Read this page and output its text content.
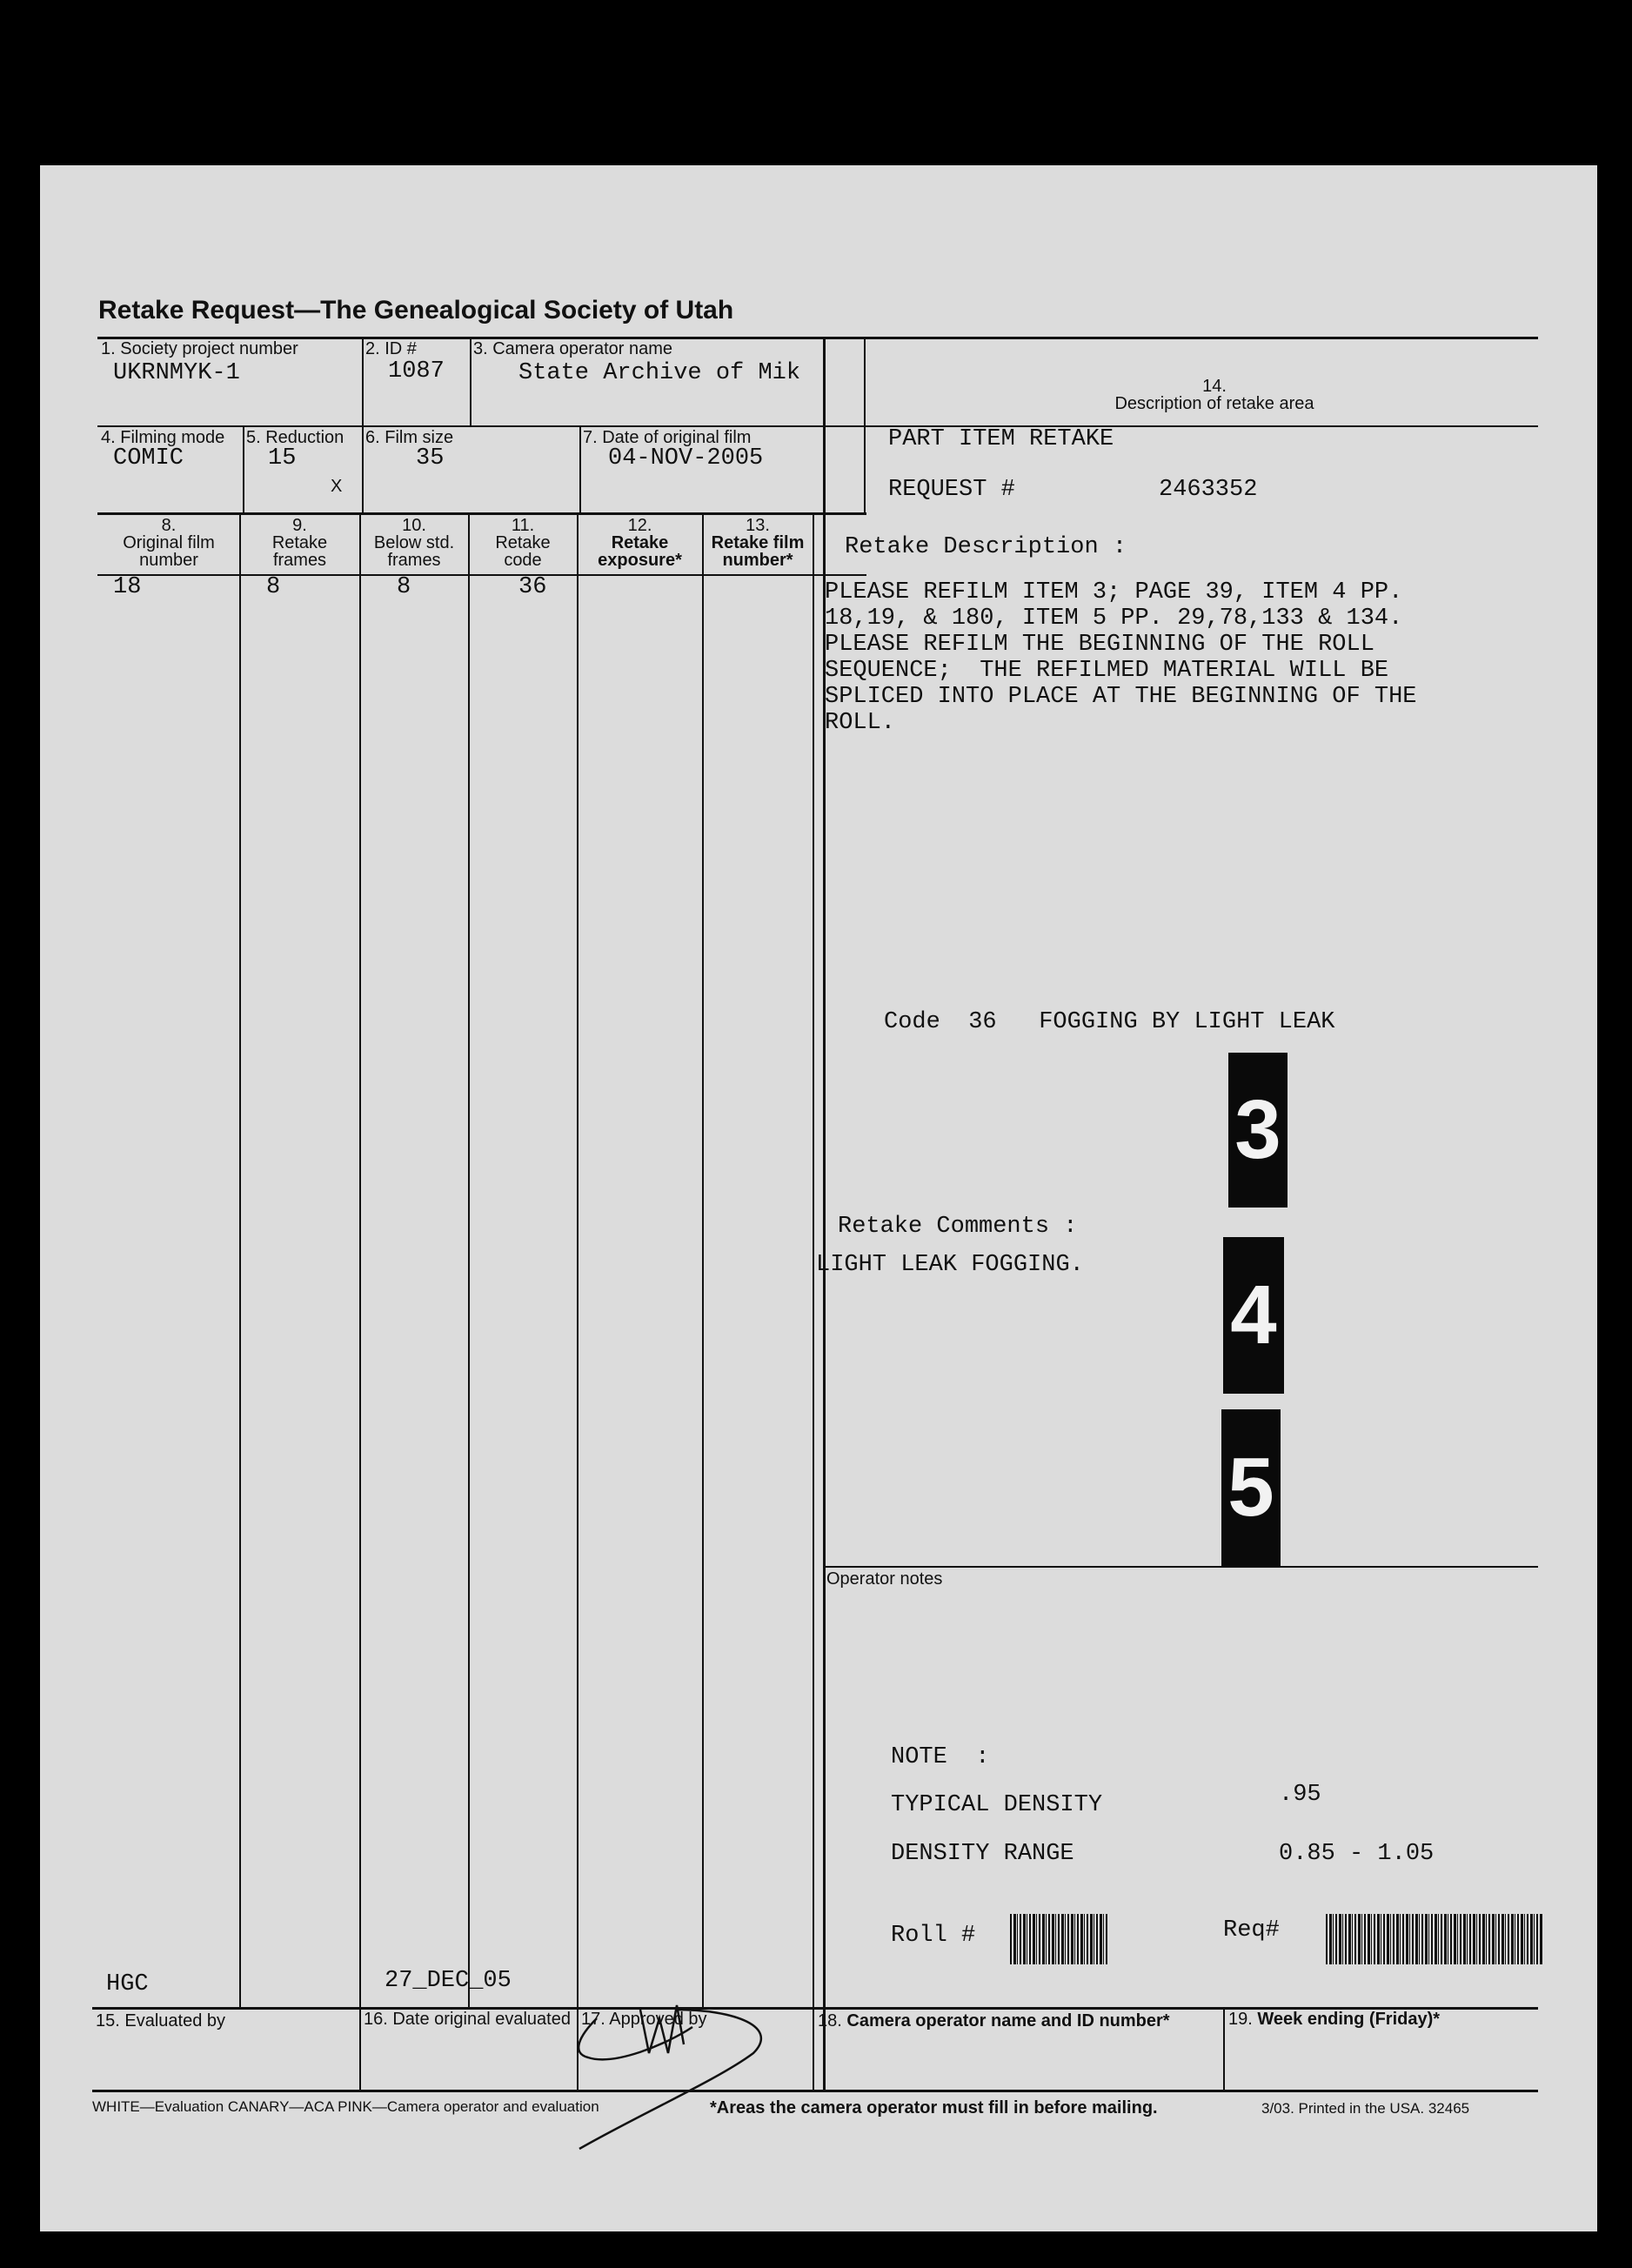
Retake Request—The Genealogical Society of Utah
1. Society project number
UKRNMYK-1
2. ID #
1087
3. Camera operator name
State Archive of Mik	14.
Description of retake area
4. Filming mode
COMIC
5. Reduction
15
X
6. Film size
35
7. Date of original film
04-NOV-2005
8.
Original film
number
9.
Retake
frames
10.
Below std.
frames
11.
Retake
code
12.
Retake
exposure*
13.
Retake film
number*
18	8	8	36
PART ITEM RETAKE
REQUEST #	2463352
Retake Description :
PLEASE REFILM ITEM 3; PAGE 39, ITEM 4 PP.
18,19, & 180, ITEM 5 PP. 29,78,133 & 134.
PLEASE REFILM THE BEGINNING OF THE ROLL
SEQUENCE;  THE REFILMED MATERIAL WILL BE
SPLICED INTO PLACE AT THE BEGINNING OF THE
ROLL.
Code  36   FOGGING BY LIGHT LEAK
Retake Comments :
LIGHT LEAK FOGGING.
3
4
5
Operator notes
NOTE  :
TYPICAL DENSITY	.95
DENSITY RANGE	0.85 - 1.05
Roll #	Req#
HGC	27_DEC_05
15. Evaluated by	16. Date original evaluated 17. Approved by	18. Camera operator name and ID number*	19. Week ending (Friday)*
WHITE—Evaluation CANARY—ACA PINK—Camera operator and evaluation	*Areas the camera operator must fill in before mailing.	3/03. Printed in the USA. 32465
